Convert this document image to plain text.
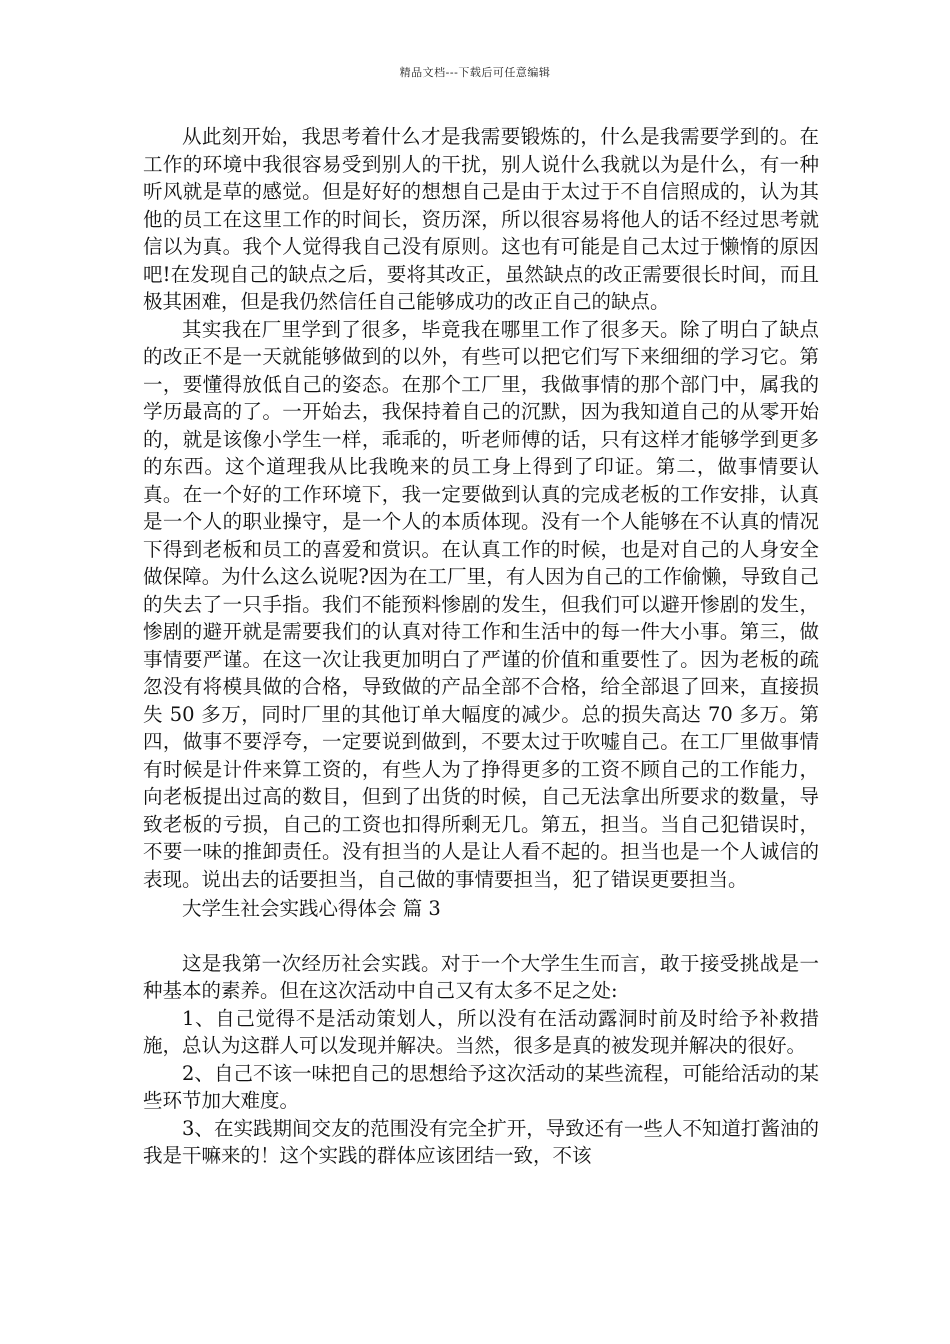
精品文档---下载后可任意编辑

从此刻开始，我思考着什么才是我需要锻炼的，什么是我需要学到的。在工作的环境中我很容易受到别人的干扰，别人说什么我就以为是什么，有一种听风就是草的感觉。但是好好的想想自己是由于太过于不自信照成的，认为其他的员工在这里工作的时间长，资历深，所以很容易将他人的话不经过思考就信以为真。我个人觉得我自己没有原则。这也有可能是自己太过于懒惰的原因吧!在发现自己的缺点之后，要将其改正，虽然缺点的改正需要很长时间，而且极其困难，但是我仍然信任自己能够成功的改正自己的缺点。

其实我在厂里学到了很多，毕竟我在哪里工作了很多天。除了明白了缺点的改正不是一天就能够做到的以外，有些可以把它们写下来细细的学习它。第一，要懂得放低自己的姿态。在那个工厂里，我做事情的那个部门中，属我的学历最高的了。一开始去，我保持着自己的沉默，因为我知道自己的从零开始的，就是该像小学生一样，乖乖的，听老师傅的话，只有这样才能够学到更多的东西。这个道理我从比我晚来的员工身上得到了印证。第二，做事情要认真。在一个好的工作环境下，我一定要做到认真的完成老板的工作安排，认真是一个人的职业操守，是一个人的本质体现。没有一个人能够在不认真的情况下得到老板和员工的喜爱和赏识。在认真工作的时候，也是对自己的人身安全做保障。为什么这么说呢?因为在工厂里，有人因为自己的工作偷懒，导致自己的失去了一只手指。我们不能预料惨剧的发生，但我们可以避开惨剧的发生，惨剧的避开就是需要我们的认真对待工作和生活中的每一件大小事。第三，做事情要严谨。在这一次让我更加明白了严谨的价值和重要性了。因为老板的疏忽没有将模具做的合格，导致做的产品全部不合格，给全部退了回来，直接损失 50 多万，同时厂里的其他订单大幅度的减少。总的损失高达 70 多万。第四，做事不要浮夸，一定要说到做到，不要太过于吹嘘自己。在工厂里做事情有时候是计件来算工资的，有些人为了挣得更多的工资不顾自己的工作能力，向老板提出过高的数目，但到了出货的时候，自己无法拿出所要求的数量，导致老板的亏损，自己的工资也扣得所剩无几。第五，担当。当自己犯错误时，不要一味的推卸责任。没有担当的人是让人看不起的。担当也是一个人诚信的表现。说出去的话要担当，自己做的事情要担当，犯了错误更要担当。

大学生社会实践心得体会 篇 3

这是我第一次经历社会实践。对于一个大学生生而言，敢于接受挑战是一种基本的素养。但在这次活动中自己又有太多不足之处:

1、自己觉得不是活动策划人，所以没有在活动露洞时前及时给予补救措施，总认为这群人可以发现并解决。当然，很多是真的被发现并解决的很好。

2、自己不该一味把自己的思想给予这次活动的某些流程，可能给活动的某些环节加大难度。

3、在实践期间交友的范围没有完全扩开，导致还有一些人不知道打酱油的我是干嘛来的！这个实践的群体应该团结一致，不该
